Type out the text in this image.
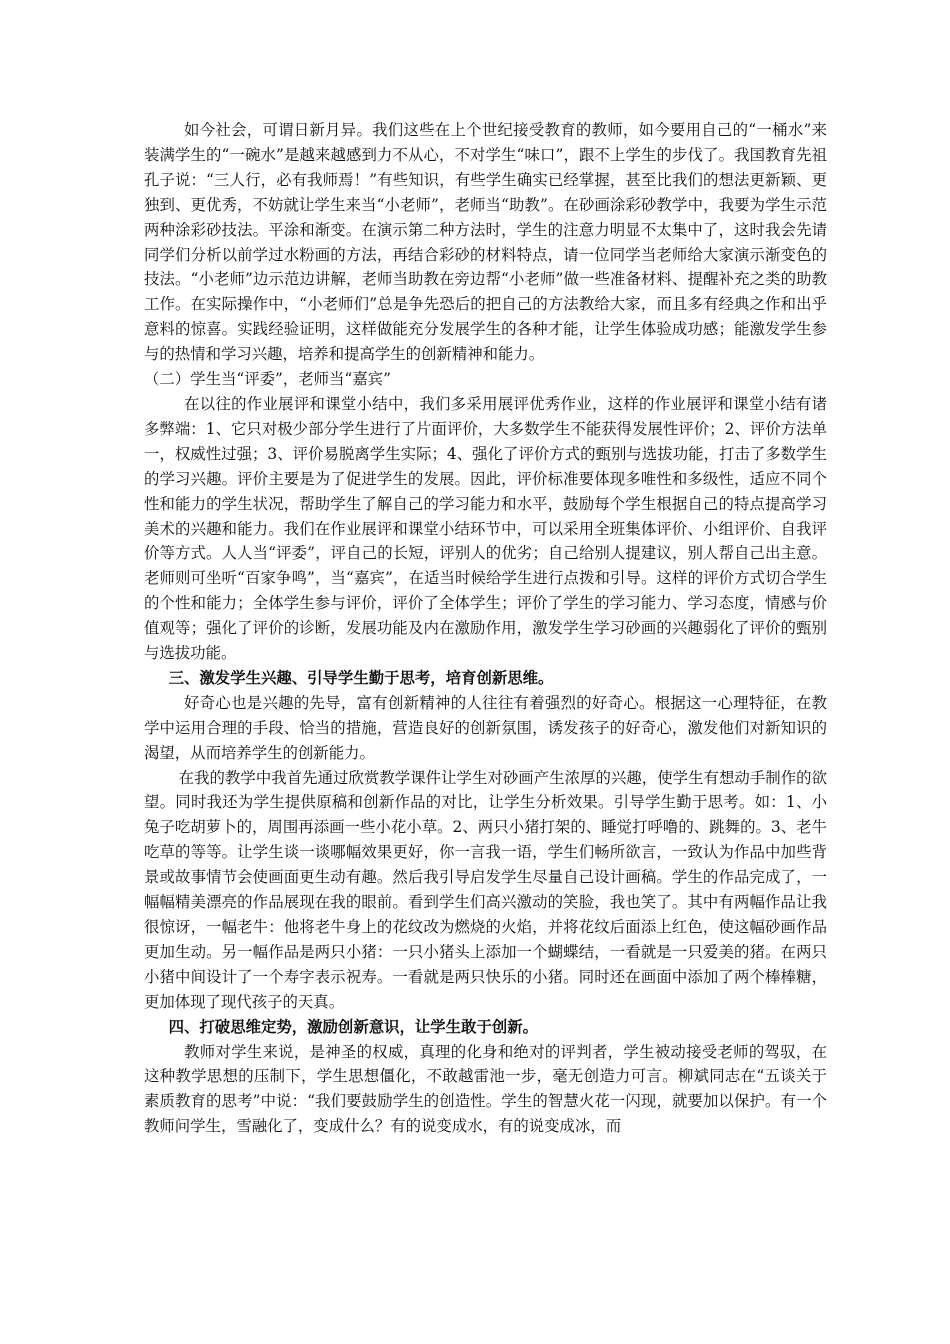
如今社会，可谓日新月异。我们这些在上个世纪接受教育的教师，如今要用自己的“一桶水”来装满学生的“一碗水”是越来越感到力不从心，不对学生“味口”，跟不上学生的步伐了。我国教育先祖孔子说：“三人行，必有我师焉！”有些知识，有些学生确实已经掌握，甚至比我们的想法更新颖、更独到、更优秀，不妨就让学生来当“小老师”，老师当“助教”。在砂画涂彩砂教学中，我要为学生示范两种涂彩砂技法。平涂和渐变。在演示第二种方法时，学生的注意力明显不太集中了，这时我会先请同学们分析以前学过水粉画的方法，再结合彩砂的材料特点，请一位同学当老师给大家演示渐变色的技法。“小老师”边示范边讲解，老师当助教在旁边帮“小老师”做一些准备材料、提醒补充之类的助教工作。在实际操作中，“小老师们”总是争先恐后的把自己的方法教给大家，而且多有经典之作和出乎意料的惊喜。实践经验证明，这样做能充分发展学生的各种才能，让学生体验成功感；能激发学生参与的热情和学习兴趣，培养和提高学生的创新精神和能力。

（二）学生当“评委”，老师当“嘉宾”

在以往的作业展评和课堂小结中，我们多采用展评优秀作业，这样的作业展评和课堂小结有诸多弊端：1、它只对极少部分学生进行了片面评价，大多数学生不能获得发展性评价；2、评价方法单一，权威性过强；3、评价易脱离学生实际；4、强化了评价方式的甄别与选拔功能，打击了多数学生的学习兴趣。评价主要是为了促进学生的发展。因此，评价标准要体现多唯性和多级性，适应不同个性和能力的学生状况，帮助学生了解自己的学习能力和水平，鼓励每个学生根据自己的特点提高学习美术的兴趣和能力。我们在作业展评和课堂小结环节中，可以采用全班集体评价、小组评价、自我评价等方式。人人当“评委”，评自己的长短，评别人的优劣；自己给别人提建议，别人帮自己出主意。老师则可坐听“百家争鸣”，当“嘉宾”，在适当时候给学生进行点拨和引导。这样的评价方式切合学生的个性和能力；全体学生参与评价，评价了全体学生；评价了学生的学习能力、学习态度，情感与价值观等；强化了评价的诊断，发展功能及内在激励作用，激发学生学习砂画的兴趣弱化了评价的甄别与选拔功能。

三、激发学生兴趣、引导学生勤于思考，培育创新思维。

好奇心也是兴趣的先导，富有创新精神的人往往有着强烈的好奇心。根据这一心理特征，在教学中运用合理的手段、恰当的措施，营造良好的创新氛围，诱发孩子的好奇心，激发他们对新知识的渴望，从而培养学生的创新能力。

在我的教学中我首先通过欣赏教学课件让学生对砂画产生浓厚的兴趣，使学生有想动手制作的欲望。同时我还为学生提供原稿和创新作品的对比，让学生分析效果。引导学生勤于思考。如：1、小兔子吃胡萝卜的，周围再添画一些小花小草。2、两只小猪打架的、睡觉打呼噜的、跳舞的。3、老牛吃草的等等。让学生谈一谈哪幅效果更好，你一言我一语，学生们畅所欲言，一致认为作品中加些背景或故事情节会使画面更生动有趣。然后我引导启发学生尽量自己设计画稿。学生的作品完成了，一幅幅精美漂亮的作品展现在我的眼前。看到学生们高兴激动的笑脸，我也笑了。其中有两幅作品让我很惊讶，一幅老牛：他将老牛身上的花纹改为燃烧的火焰，并将花纹后面添上红色，使这幅砂画作品更加生动。另一幅作品是两只小猪：一只小猪头上添加一个蝴蝶结，一看就是一只爱美的猪。在两只小猪中间设计了一个寿字表示祝寿。一看就是两只快乐的小猪。同时还在画面中添加了两个棒棒糖，更加体现了现代孩子的天真。

四、打破思维定势，激励创新意识，让学生敢于创新。

教师对学生来说，是神圣的权威，真理的化身和绝对的评判者，学生被动接受老师的驾驭，在这种教学思想的压制下，学生思想僵化，不敢越雷池一步，毫无创造力可言。柳斌同志在“五谈关于素质教育的思考”中说：“我们要鼓励学生的创造性。学生的智慧火花一闪现，就要加以保护。有一个教师问学生，雪融化了，变成什么？有的说变成水，有的说变成冰，而
